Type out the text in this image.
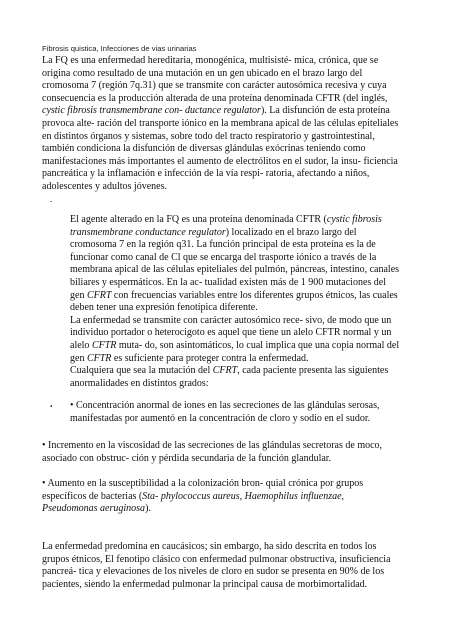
Fibrosis quistica, Infecciones de vias urinarias
La FQ es una enfermedad hereditaria, monogénica, multisisté- mica, crónica, que se
origina como resultado de una mutación en un gen ubicado en el brazo largo del
cromosoma 7 (región 7q.31) que se transmite con carácter autosómica recesiva y cuya
consecuencia es la producción alterada de una proteína denominada CFTR (del inglés,
cystic fibrosis transmembrane con- ductance regulator). La disfunción de esta proteína
provoca alte- ración del transporte iónico en la membrana apical de las células epiteliales
en distintos órganos y sistemas, sobre todo del tracto respiratorio y gastrointestinal,
también condiciona la disfunción de diversas glándulas exócrinas teniendo como
manifestaciones más importantes el aumento de electrólitos en el sudor, la insu- ficiencia
pancreática y la inflamación e infección de la vía respi- ratoria, afectando a niños,
adolescentes y adultos jóvenes.
.
El agente alterado en la FQ es una proteína denominada CFTR (cystic fibrosis
transmembrane conductance regulator) localizado en el brazo largo del
cromosoma 7 en la región q31. La función principal de esta proteína es la de
funcionar como canal de Cl que se encarga del trasporte iónico a través de la
membrana apical de las células epiteliales del pulmón, páncreas, intestino, canales
biliares y espermáticos. En la ac- tualidad existen más de 1 900 mutaciones del
gen CFRT con frecuencias variables entre los diferentes grupos étnicos, las cuales
deben tener una expresión fenotípica diferente.
La enfermedad se transmite con carácter autosómico rece- sivo, de modo que un
individuo portador o heterocigoto es aquel que tiene un alelo CFTR normal y un
alelo CFTR muta- do, son asintomáticos, lo cual implica que una copia normal del
gen CFTR es suficiente para proteger contra la enfermedad.
Cualquiera que sea la mutación del CFRT, cada paciente presenta las siguientes
anormalidades en distintos grados:
. • Concentración anormal de iones en las secreciones de las glándulas serosas,
manifestadas por aumentó en la concentración de cloro y sodio en el sudor.
• Incremento en la viscosidad de las secreciones de las glándulas secretoras de moco,
asociado con obstruc- ción y pérdida secundaria de la función glandular.
• Aumento en la susceptibilidad a la colonización bron- quial crónica por grupos
específicos de bacterias (Sta- phylococcus aureus, Haemophilus influenzae,
Pseudomonas aeruginosa).
La enfermedad predomina en caucásicos; sin embargo, ha sido descrita en todos los
grupos étnicos, El fenotipo clásico con enfermedad pulmonar obstructiva, insuficiencia
pancreá- tica y elevaciones de los niveles de cloro en sudor se presenta en 90% de los
pacientes, siendo la enfermedad pulmonar la principal causa de morbimortalidad.
